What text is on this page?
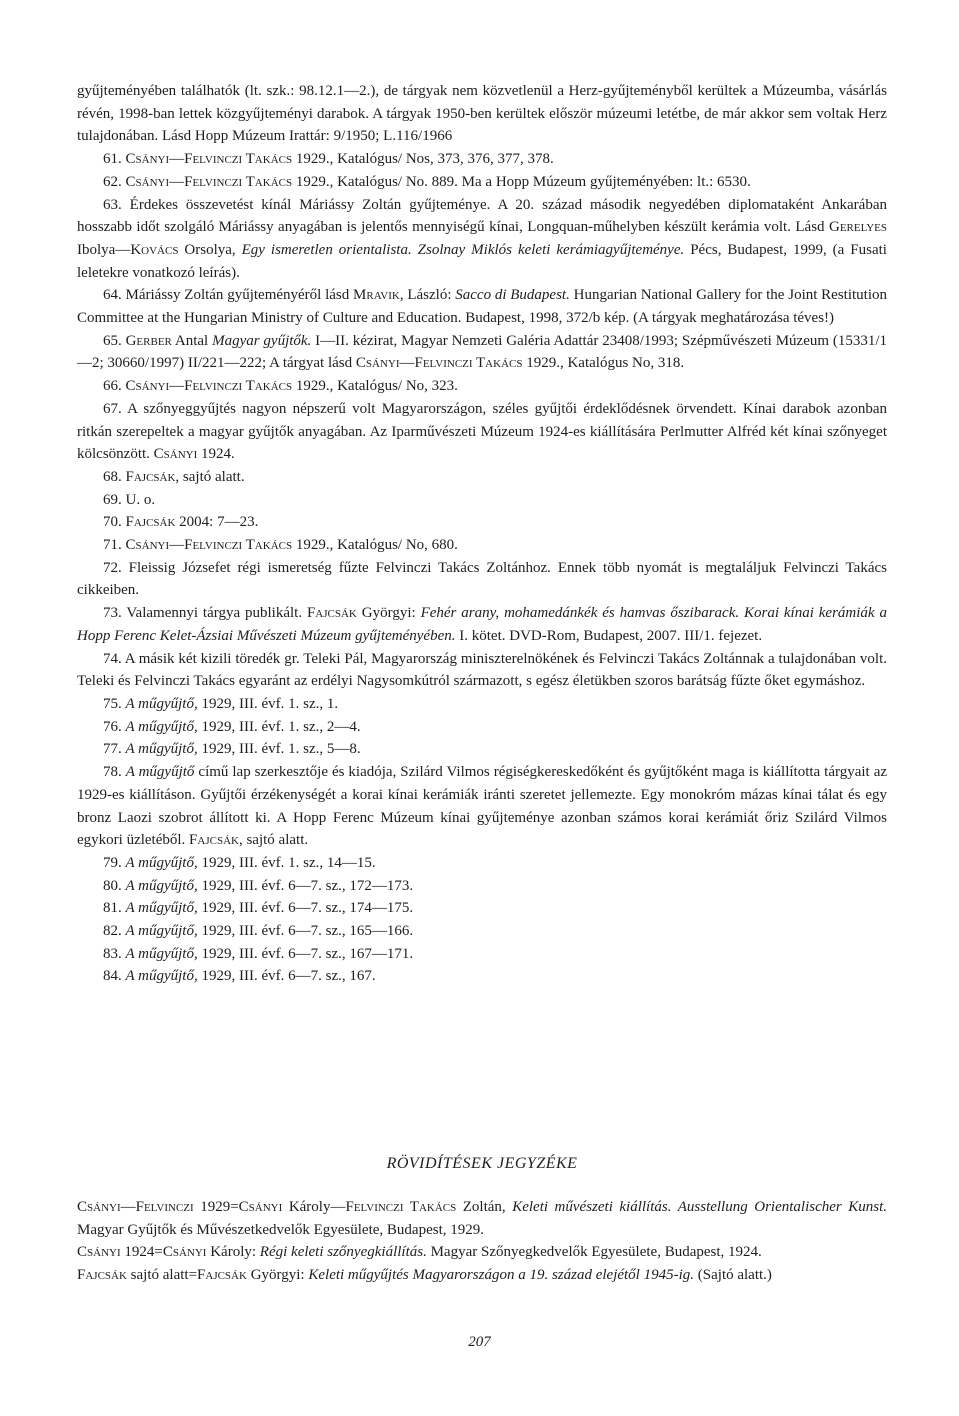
gyűjteményében találhatók (lt. szk.: 98.12.1—2.), de tárgyak nem közvetlenül a Herz-gyűjteményből kerültek a Múzeumba, vásárlás révén, 1998-ban lettek közgyűjteményi darabok. A tárgyak 1950-ben kerültek először múzeumi letétbe, de már akkor sem voltak Herz tulajdonában. Lásd Hopp Múzeum Irattár: 9/1950; L.116/1966

61. Csányi—Felvinczi Takács 1929., Katalógus/ Nos, 373, 376, 377, 378.

62. Csányi—Felvinczi Takács 1929., Katalógus/ No. 889. Ma a Hopp Múzeum gyűjteményében: lt.: 6530.

63. Érdekes összevetést kínál Máriássy Zoltán gyűjteménye. A 20. század második negyedében diplomataként Ankarában hosszabb időt szolgáló Máriássy anyagában is jelentős mennyiségű kínai, Longquan-műhelyben készült kerámia volt. Lásd Gerelyes Ibolya—Kovács Orsolya, Egy ismeretlen orientalista. Zsolnay Miklós keleti kerámiagyűjteménye. Pécs, Budapest, 1999, (a Fusati leletekre vonatkozó leírás).

64. Máriássy Zoltán gyűjteményéről lásd Mravik, László: Sacco di Budapest. Hungarian National Gallery for the Joint Restitution Committee at the Hungarian Ministry of Culture and Education. Budapest, 1998, 372/b kép. (A tárgyak meghatározása téves!)

65. Gerber Antal Magyar gyűjtők. I—II. kézirat, Magyar Nemzeti Galéria Adattár 23408/1993; Szépművészeti Múzeum (15331/1—2; 30660/1997) II/221—222; A tárgyat lásd Csányi—Felvinczi Takács 1929., Katalógus No, 318.

66. Csányi—Felvinczi Takács 1929., Katalógus/ No, 323.

67. A szőnyeggyűjtés nagyon népszerű volt Magyarországon, széles gyűjtői érdeklődésnek örvendett. Kínai darabok azonban ritkán szerepeltek a magyar gyűjtők anyagában. Az Iparművészeti Múzeum 1924-es kiállítására Perlmutter Alfréd két kínai szőnyeget kölcsönzött. Csányi 1924.

68. Fajcsák, sajtó alatt.

69. U. o.

70. Fajcsák 2004: 7—23.

71. Csányi—Felvinczi Takács 1929., Katalógus/ No, 680.

72. Fleissig Józsefet régi ismeretség fűzte Felvinczi Takács Zoltánhoz. Ennek több nyomát is megtaláljuk Felvinczi Takács cikkeiben.

73. Valamennyi tárgya publikált. Fajcsák Györgyi: Fehér arany, mohamedánkék és hamvas őszibarack. Korai kínai kerámiák a Hopp Ferenc Kelet-Ázsiai Művészeti Múzeum gyűjteményében. I. kötet. DVD-Rom, Budapest, 2007. III/1. fejezet.

74. A másik két kizili töredék gr. Teleki Pál, Magyarország miniszterelnökének és Felvinczi Takács Zoltánnak a tulajdonában volt. Teleki és Felvinczi Takács egyaránt az erdélyi Nagysomkútról származott, s egész életükben szoros barátság fűzte őket egymáshoz.

75. A műgyűjtő, 1929, III. évf. 1. sz., 1.

76. A műgyűjtő, 1929, III. évf. 1. sz., 2—4.

77. A műgyűjtő, 1929, III. évf. 1. sz., 5—8.

78. A műgyűjtő című lap szerkesztője és kiadója, Szilárd Vilmos régiségkereskedőként és gyűjtőként maga is kiállította tárgyait az 1929-es kiállításon. Gyűjtői érzékenységét a korai kínai kerámiák iránti szeretet jellemezte. Egy monokróm mázas kínai tálat és egy bronz Laozi szobrot állított ki. A Hopp Ferenc Múzeum kínai gyűjteménye azonban számos korai kerámiát őriz Szilárd Vilmos egykori üzletéből. Fajcsák, sajtó alatt.

79. A műgyűjtő, 1929, III. évf. 1. sz., 14—15.

80. A műgyűjtő, 1929, III. évf. 6—7. sz., 172—173.

81. A műgyűjtő, 1929, III. évf. 6—7. sz., 174—175.

82. A műgyűjtő, 1929, III. évf. 6—7. sz., 165—166.

83. A műgyűjtő, 1929, III. évf. 6—7. sz., 167—171.

84. A műgyűjtő, 1929, III. évf. 6—7. sz., 167.

RÖVIDÍTÉSEK JEGYZÉKE

Csányi—Felvinczi 1929=Csányi Károly—Felvinczi Takács Zoltán, Keleti művészeti kiállítás. Ausstellung Orientalischer Kunst. Magyar Gyűjtők és Művészetkedvelők Egyesülete, Budapest, 1929.

Csányi 1924=Csányi Károly: Régi keleti szőnyegkiállítás. Magyar Szőnyegkedvelők Egyesülete, Budapest, 1924.

Fajcsák sajtó alatt=Fajcsák Györgyi: Keleti műgyűjtés Magyarországon a 19. század elejétől 1945-ig. (Sajtó alatt.)

207
